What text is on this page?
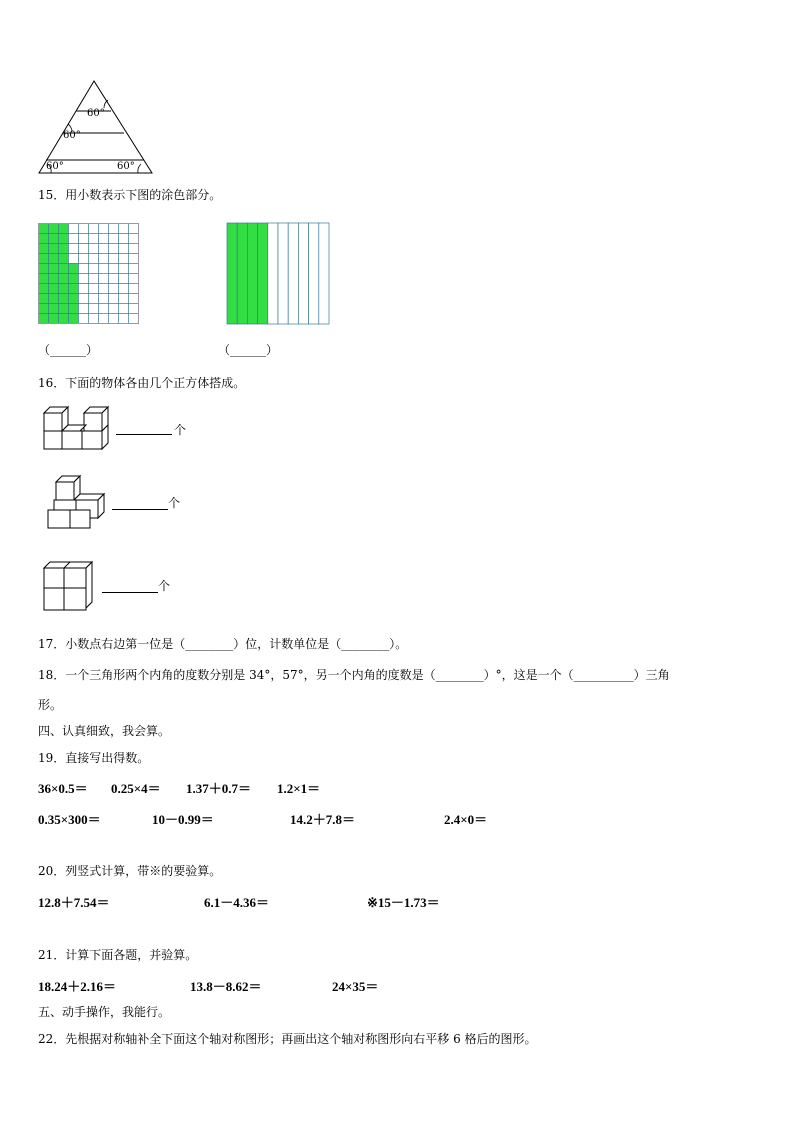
60°
60°
60°	60°
15．用小数表示下图的涂色部分。
（______）	（______）
16．下面的物体各由几个正方体搭成。
个
个
个
17．小数点右边第一位是（________）位，计数单位是（________）。
18．一个三角形两个内角的度数分别是 34°，57°，另一个内角的度数是（________）°，这是一个（__________）三角
形。
四、认真细致，我会算。
19．直接写出得数。
36×0.5＝ 0.25×4＝ 1.37＋0.7＝ 1.2×1＝
0.35×300＝	10－0.99＝	14.2＋7.8＝	2.4×0＝
20．列竖式计算，带※的要验算。
12.8＋7.54＝	6.1－4.36＝	※15－1.73＝
21．计算下面各题，并验算。
18.24＋2.16＝	13.8－8.62＝	24×35＝
五、动手操作，我能行。
22．先根据对称轴补全下面这个轴对称图形；再画出这个轴对称图形向右平移 6 格后的图形。
